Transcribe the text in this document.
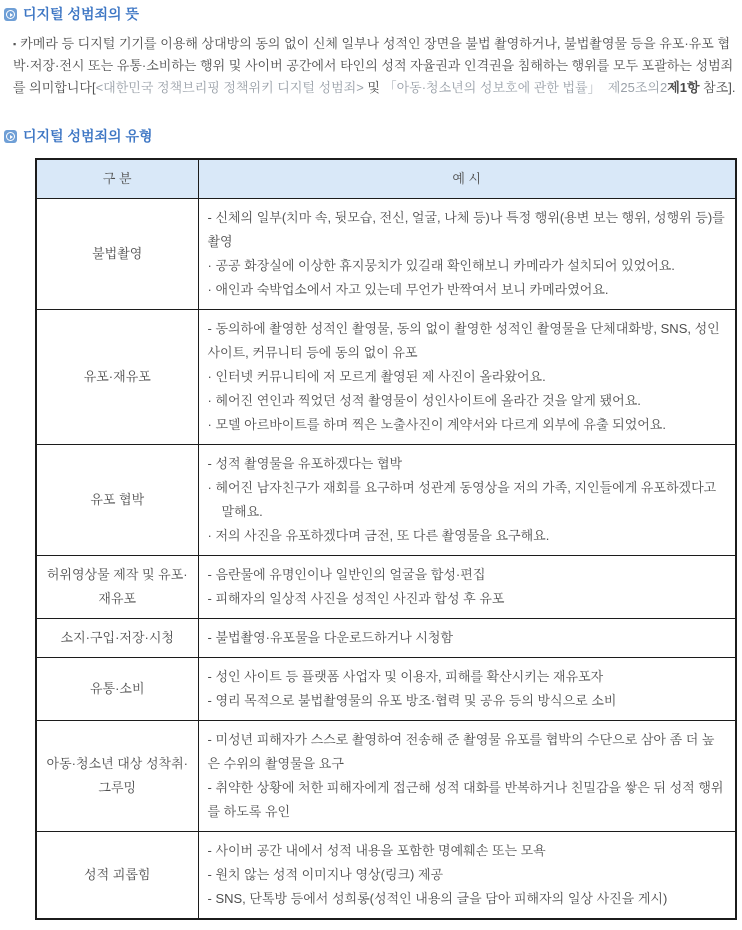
디지털 성범죄의 뜻
▪ 카메라 등 디지털 기기를 이용해 상대방의 동의 없이 신체 일부나 성적인 장면을 불법 촬영하거나, 불법촬영물 등을 유포·유포 협박·저장·전시 또는 유통·소비하는 행위 및 사이버 공간에서 타인의 성적 자율권과 인격권을 침해하는 행위를 모두 포괄하는 성범죄를 의미합니다[<대한민국 정책브리핑 정책위키 디지털 성범죄> 및 「아동·청소년의 성보호에 관한 법률」  제25조의2제1항 참조].
디지털 성범죄의 유형
구 분	예 시
불법촬영	- 신체의 일부(치마 속, 뒷모습, 전신, 얼굴, 나체 등)나 특정 행위(용변 보는 행위, 성행위 등)를 촬영
· 공공 화장실에 이상한 휴지뭉치가 있길래 확인해보니 카메라가 설치되어 있었어요.
· 애인과 숙박업소에서 자고 있는데 무언가 반짝여서 보니 카메라였어요.

유포·재유포	- 동의하에 촬영한 성적인 촬영물, 동의 없이 촬영한 성적인 촬영물을 단체대화방, SNS, 성인사이트, 커뮤니티 등에 동의 없이 유포
· 인터넷 커뮤니티에 저 모르게 촬영된 제 사진이 올라왔어요.
· 헤어진 연인과 찍었던 성적 촬영물이 성인사이트에 올라간 것을 알게 됐어요.
· 모델 아르바이트를 하며 찍은 노출사진이 계약서와 다르게 외부에 유출 되었어요.

유포 협박	- 성적 촬영물을 유포하겠다는 협박
· 헤어진 남자친구가 재회를 요구하며 성관계 동영상을 저의 가족, 지인들에게 유포하겠다고 말해요.
· 저의 사진을 유포하겠다며 금전, 또 다른 촬영물을 요구해요.

허위영상물 제작 및 유포·재유포	- 음란물에 유명인이나 일반인의 얼굴을 합성·편집
- 피해자의 일상적 사진을 성적인 사진과 합성 후 유포

소지·구입·저장·시청	- 불법촬영·유포물을 다운로드하거나 시청함

유통·소비	- 성인 사이트 등 플랫폼 사업자 및 이용자, 피해를 확산시키는 재유포자
- 영리 목적으로 불법촬영물의 유포 방조·협력 및 공유 등의 방식으로 소비

아동·청소년 대상 성착취·그루밍	- 미성년 피해자가 스스로 촬영하여 전송해 준 촬영물 유포를 협박의 수단으로 삼아 좀 더 높은 수위의 촬영물을 요구
- 취약한 상황에 처한 피해자에게 접근해 성적 대화를 반복하거나 친밀감을 쌓은 뒤 성적 행위를 하도록 유인

성적 괴롭힘	- 사이버 공간 내에서 성적 내용을 포함한 명예훼손 또는 모욕
- 원치 않는 성적 이미지나 영상(링크) 제공
- SNS, 단톡방 등에서 성희롱(성적인 내용의 글을 담아 피해자의 일상 사진을 게시)
